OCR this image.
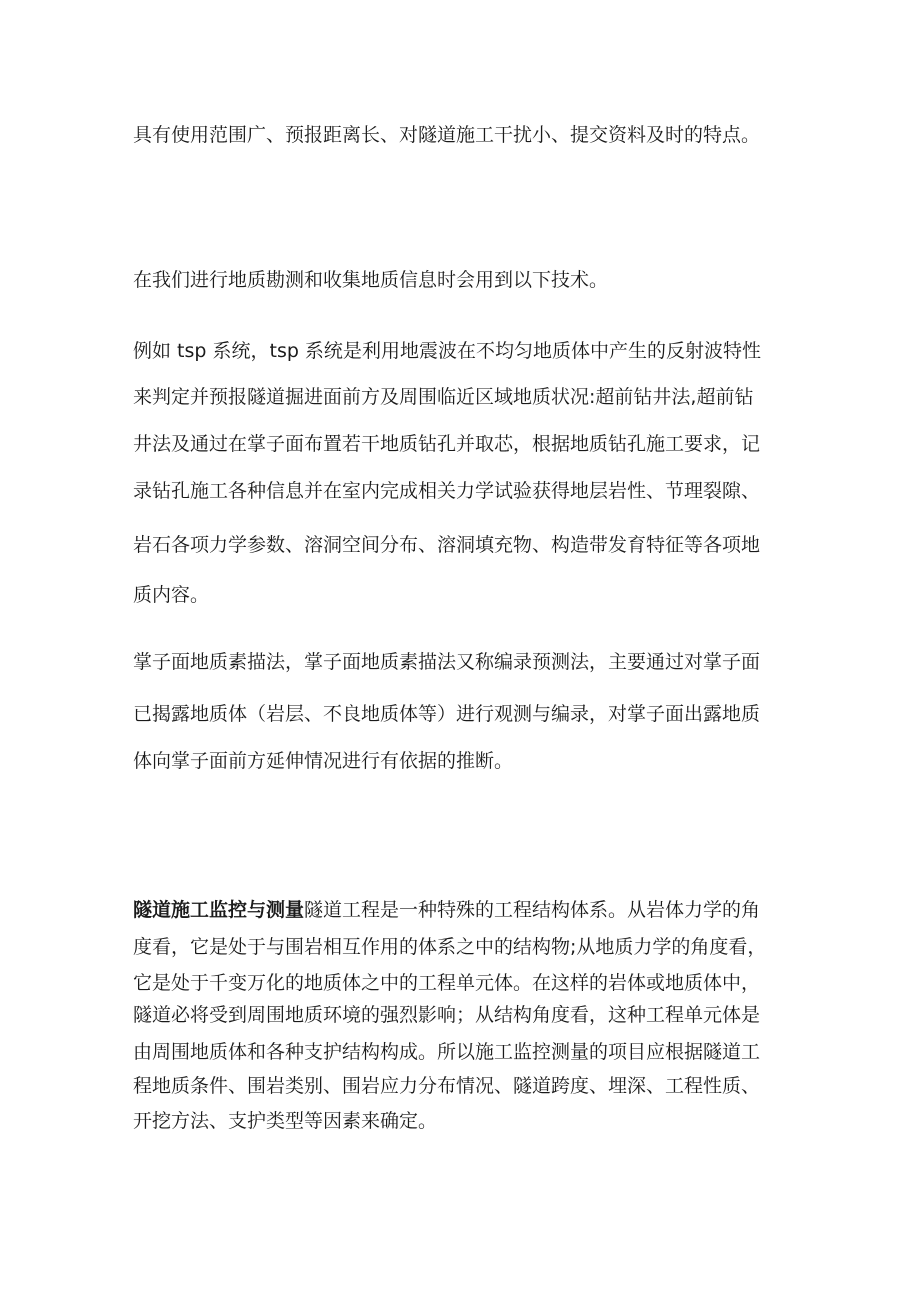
具有使用范围广、预报距离长、对隧道施工干扰小、提交资料及时的特点。

在我们进行地质勘测和收集地质信息时会用到以下技术。

例如 tsp 系统，tsp 系统是利用地震波在不均匀地质体中产生的反射波特性

来判定并预报隧道掘进面前方及周围临近区域地质状况:超前钻井法,超前钻

井法及通过在掌子面布置若干地质钻孔并取芯，根据地质钻孔施工要求，记

录钻孔施工各种信息并在室内完成相关力学试验获得地层岩性、节理裂隙、

岩石各项力学参数、溶洞空间分布、溶洞填充物、构造带发育特征等各项地

质内容。

掌子面地质素描法，掌子面地质素描法又称编录预测法，主要通过对掌子面

已揭露地质体（岩层、不良地质体等）进行观测与编录，对掌子面出露地质

体向掌子面前方延伸情况进行有依据的推断。

隧道施工监控与测量隧道工程是一种特殊的工程结构体系。从岩体力学的角

度看，它是处于与围岩相互作用的体系之中的结构物;从地质力学的角度看，

它是处于千变万化的地质体之中的工程单元体。在这样的岩体或地质体中，

隧道必将受到周围地质环境的强烈影响；从结构角度看，这种工程单元体是

由周围地质体和各种支护结构构成。所以施工监控测量的项目应根据隧道工

程地质条件、围岩类别、围岩应力分布情况、隧道跨度、埋深、工程性质、

开挖方法、支护类型等因素来确定。
